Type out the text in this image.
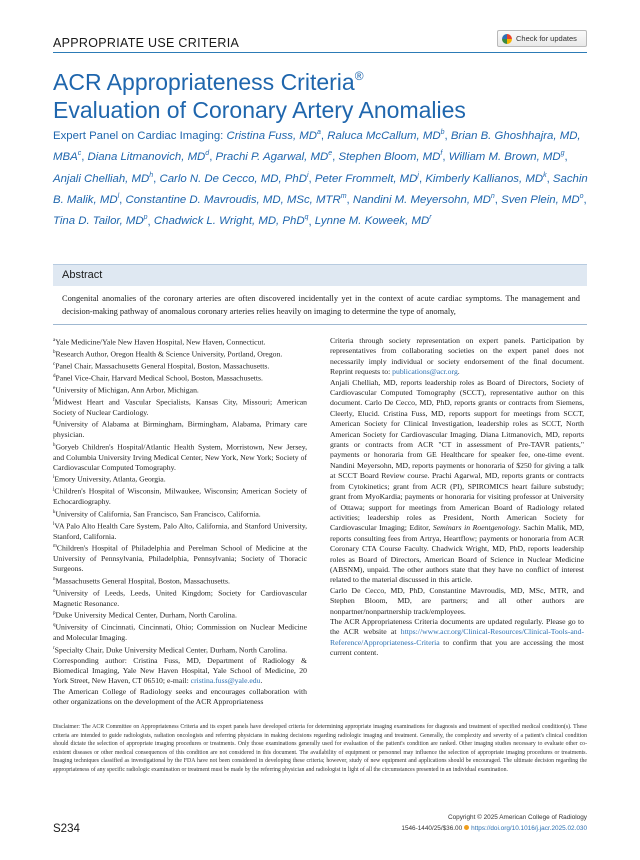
APPROPRIATE USE CRITERIA	Check for updates
ACR Appropriateness Criteria®
Evaluation of Coronary Artery Anomalies
Expert Panel on Cardiac Imaging: Cristina Fuss, $MD^a$, Raluca McCallum, $MD^b$, Brian B. Ghoshhajra, MD, MBA$^c$, Diana Litmanovich, $MD^d$, Prachi P. Agarwal, MDe, Stephen Bloom, $MD^f$, William M. Brown, $MD^g$, Anjali Chelliah, $MD^h$, Carlo N. De Cecco, MD, PhD$^i$, Peter Frommelt, $MD^j$, Kimberly Kallianos, $MD^k$, Sachin B. Malik, $MD^l$, Constantine D. Mavroudis, MD, MSc, MTR$^m$, Nandini M. Meyersohn, $MD^n$, Sven Plein, $MD^o$, Tina D. Tailor, $MD^p$, Chadwick L. Wright, MD, PhD$^q$, Lynne M. Koweek, $MD^r$
Abstract
Congenital anomalies of the coronary arteries are often discovered incidentally yet in the context of acute cardiac symptoms. The management and decision-making pathway of anomalous coronary arteries relies heavily on imaging to determine the type of anomaly,

$^a$Yale Medicine/Yale New Haven Hospital, New Haven, Connecticut.

$^b$Research Author, Oregon Health & Science University, Portland, Oregon.

$^c$Panel Chair, Massachusetts General Hospital, Boston, Massachusetts.

$^d$Panel Vice-Chair, Harvard Medical School, Boston, Massachusetts.

$^e$University of Michigan, Ann Arbor, Michigan.

$^f$Midwest Heart and Vascular Specialists, Kansas City, Missouri; American Society of Nuclear Cardiology.

$^g$University of Alabama at Birmingham, Birmingham, Alabama, Primary care physician.

$^h$Goryeb Children's Hospital/Atlantic Health System, Morristown, New Jersey, and Columbia University Irving Medical Center, New York, New York; Society of Cardiovascular Computed Tomography.

$^i$Emory University, Atlanta, Georgia.

$^j$Children's Hospital of Wisconsin, Milwaukee, Wisconsin; American Society of Echocardiography.

$^k$University of California, San Francisco, San Francisco, California.

$^l$VA Palo Alto Health Care System, Palo Alto, California, and Stanford University, Stanford, California.

$^m$Children's Hospital of Philadelphia and Perelman School of Medicine at the University of Pennsylvania, Philadelphia, Pennsylvania; Society of Thoracic Surgeons.

$^n$Massachusetts General Hospital, Boston, Massachusetts.

$^o$University of Leeds, Leeds, United Kingdom; Society for Cardiovascular Magnetic Resonance.

$^p$Duke University Medical Center, Durham, North Carolina.

$^q$University of Cincinnati, Cincinnati, Ohio; Commission on Nuclear Medicine and Molecular Imaging.

$^r$Specialty Chair, Duke University Medical Center, Durham, North Carolina.

Corresponding author: Cristina Fuss, MD, Department of Radiology & Biomedical Imaging, Yale New Haven Hospital, Yale School of Medicine, 20 York Street, New Haven, CT 06510; e-mail: cristina.fuss@yale.edu.

The American College of Radiology seeks and encourages collaboration with other organizations on the development of the ACR Appropriateness

Criteria through society representation on expert panels. Participation by representatives from collaborating societies on the expert panel does not necessarily imply individual or society endorsement of the final document. Reprint requests to: publications@acr.org.

Anjali Chelliah, MD, reports leadership roles as Board of Directors, Society of Cardiovascular Computed Tomography (SCCT), representative author on this document. Carlo De Cecco, MD, PhD, reports grants or contracts from Siemens, Cleerly, Elucid. Cristina Fuss, MD, reports support for meetings from SCCT, American Society for Clinical Investigation, leadership roles as SCCT, North American Society for Cardiovascular Imaging. Diana Litmanovich, MD, reports grants or contracts from ACR "CT in assessment of Pre-TAVR patients," payments or honoraria from GE Healthcare for speaker fee, one-time event. Nandini Meyersohn, MD, reports payments or honoraria of $250 for giving a talk at SCCT Board Review course. Prachi Agarwal, MD, reports grants or contracts from Cytokinetics; grant from ACR (PI), SPIROMICS heart failure substudy; grant from MyoKardia; payments or honoraria for visiting professor at University of Ottawa; support for meetings from American Board of Radiology related activities; leadership roles as President, North American Society for Cardiovascular Imaging; Editor, Seminars in Roentgenology. Sachin Malik, MD, reports consulting fees from Artrya, Heartflow; payments or honoraria from ACR Coronary CTA Course Faculty. Chadwick Wright, MD, PhD, reports leadership roles as Board of Directors, American Board of Science in Nuclear Medicine (ABSNM), unpaid. The other authors state that they have no conflict of interest related to the material discussed in this article.

Carlo De Cecco, MD, PhD, Constantine Mavroudis, MD, MSc, MTR, and Stephen Bloom, MD, are partners; and all other authors are nonpartner/nonpartnership track/employees.

The ACR Appropriateness Criteria documents are updated regularly. Please go to the ACR website at https://www.acr.org/Clinical-Resources/Clinical-Tools-and-Reference/Appropriateness-Criteria to confirm that you are accessing the most current content.

Disclaimer: The ACR Committee on Appropriateness Criteria and its expert panels have developed criteria for determining appropriate imaging examinations for diagnosis and treatment of specified medical condition(s). These criteria are intended to guide radiologists, radiation oncologists and referring physicians in making decisions regarding radiologic imaging and treatment. Generally, the complexity and severity of a patient's clinical condition should dictate the selection of appropriate imaging procedures or treatments. Only those examinations generally used for evaluation of the patient's condition are ranked. Other imaging studies necessary to evaluate other co-existent diseases or other medical consequences of this condition are not considered in this document. The availability of equipment or personnel may influence the selection of appropriate imaging procedures or treatments. Imaging techniques classified as investigational by the FDA have not been considered in developing these criteria; however, study of new equipment and applications should be encouraged. The ultimate decision regarding the appropriateness of any specific radiologic examination or treatment must be made by the referring physician and radiologist in light of all the circumstances presented in an individual examination.
Copyright © 2025 American College of Radiology
S234	1546-1440/25/$36.00 https://doi.org/10.1016/j.jacr.2025.02.030
